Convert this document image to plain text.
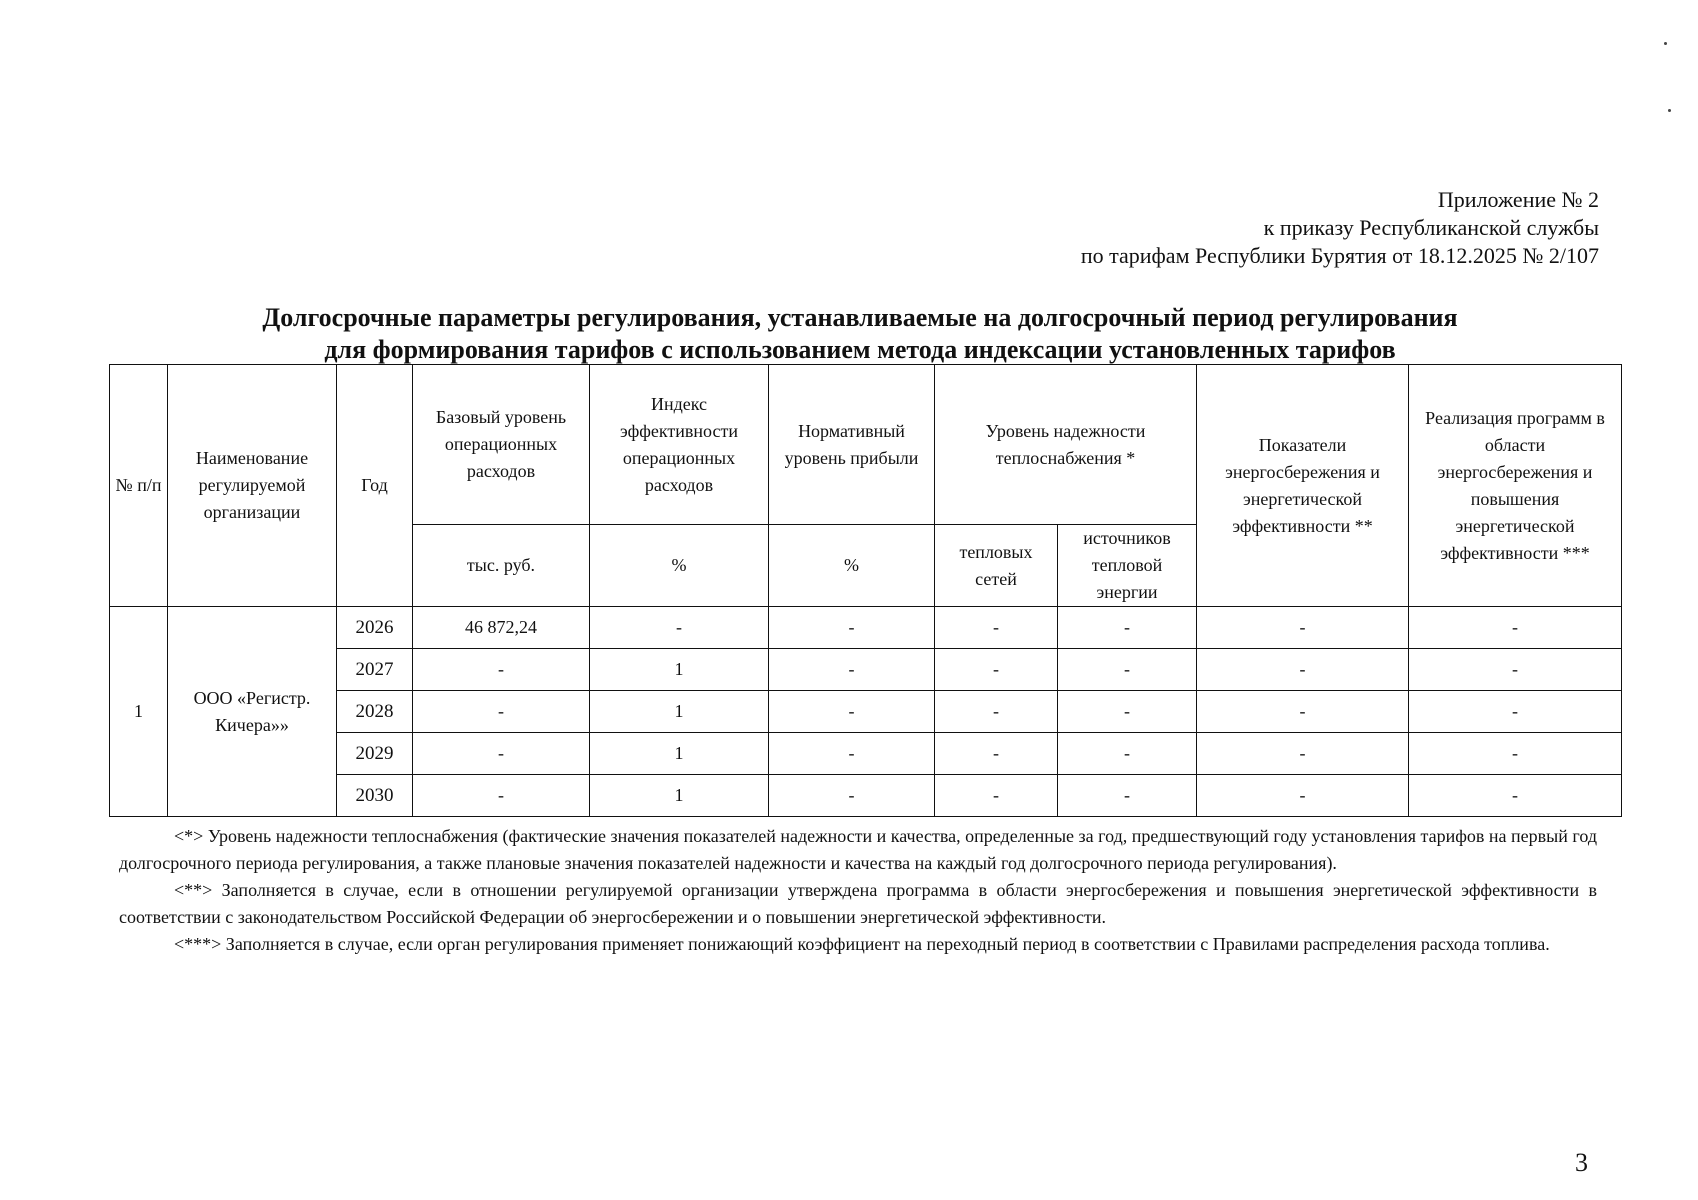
Приложение № 2
к приказу Республиканской службы
по тарифам Республики Бурятия от 18.12.2025 № 2/107
Долгосрочные параметры регулирования, устанавливаемые на долгосрочный период регулирования
для формирования тарифов с использованием метода индексации установленных тарифов
№ п/п	Наименование регулируемой организации	Год	Базовый уровень операционных расходов	Индекс эффективности операционных расходов	Нормативный уровень прибыли	Уровень надежности теплоснабжения *		Показатели энергосбережения и энергетической эффективности **	Реализация программ в области энергосбережения и повышения энергетической эффективности ***
			тыс. руб.	%	%	тепловых сетей	источников тепловой энергии		
1	ООО «Регистр. Кичера»»	2026	46 872,24	-	-	-	-	-	-
		2027	-	1	-	-	-	-	-
		2028	-	1	-	-	-	-	-
		2029	-	1	-	-	-	-	-
		2030	-	1	-	-	-	-	-

<*> Уровень надежности теплоснабжения (фактические значения показателей надежности и качества, определенные за год, предшествующий году установления тарифов на первый год долгосрочного периода регулирования, а также плановые значения показателей надежности и качества на каждый год долгосрочного периода регулирования).

<**> Заполняется в случае, если в отношении регулируемой организации утверждена программа в области энергосбережения и повышения энергетической эффективности в соответствии с законодательством Российской Федерации об энергосбережении и о повышении энергетической эффективности.

<***> Заполняется в случае, если орган регулирования применяет понижающий коэффициент на переходный период в соответствии с Правилами распределения расхода топлива.

3
